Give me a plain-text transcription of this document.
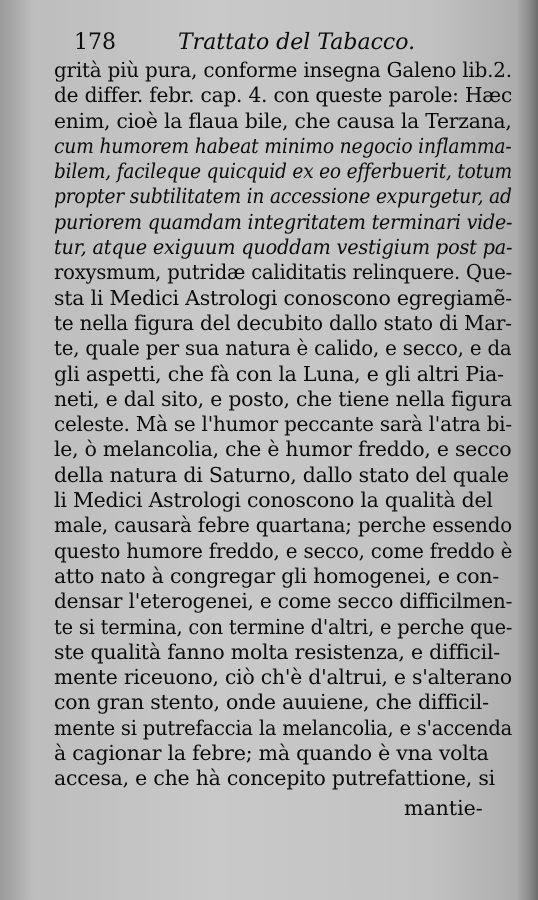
178	Trattato del Tabacco.
grità più pura, conforme insegna Galeno lib.2.
de differ. febr. cap. 4. con queste parole: Hæc
enim, cioè la flaua bile, che causa la Terzana,
cum humorem habeat minimo negocio inflamma-
bilem, facileque quicquid ex eo efferbuerit, totum
propter subtilitatem in accessione expurgetur, ad
puriorem quamdam integritatem terminari vide-
tur, atque exiguum quoddam vestigium post pa-
roxysmum, putridæ caliditatis relinquere. Que-
sta li Medici Astrologi conoscono egregiamẽ-
te nella figura del decubito dallo stato di Mar-
te, quale per sua natura è calido, e secco, e da
gli aspetti, che fà con la Luna, e gli altri Pia-
neti, e dal sito, e posto, che tiene nella figura
celeste. Mà se l'humor peccante sarà l'atra bi-
le, ò melancolia, che è humor freddo, e secco
della natura di Saturno, dallo stato del quale
li Medici Astrologi conoscono la qualità del
male, causarà febre quartana; perche essendo
questo humore freddo, e secco, come freddo è
atto nato à congregar gli homogenei, e con-
densar l'eterogenei, e come secco difficilmen-
te si termina, con termine d'altri, e perche que-
ste qualità fanno molta resistenza, e difficil-
mente riceuono, ciò ch'è d'altrui, e s'alterano
con gran stento, onde auuiene, che difficil-
mente si putrefaccia la melancolia, e s'accenda
à cagionar la febre; mà quando è vna volta
accesa, e che hà concepito putrefattione, si
mantie-
